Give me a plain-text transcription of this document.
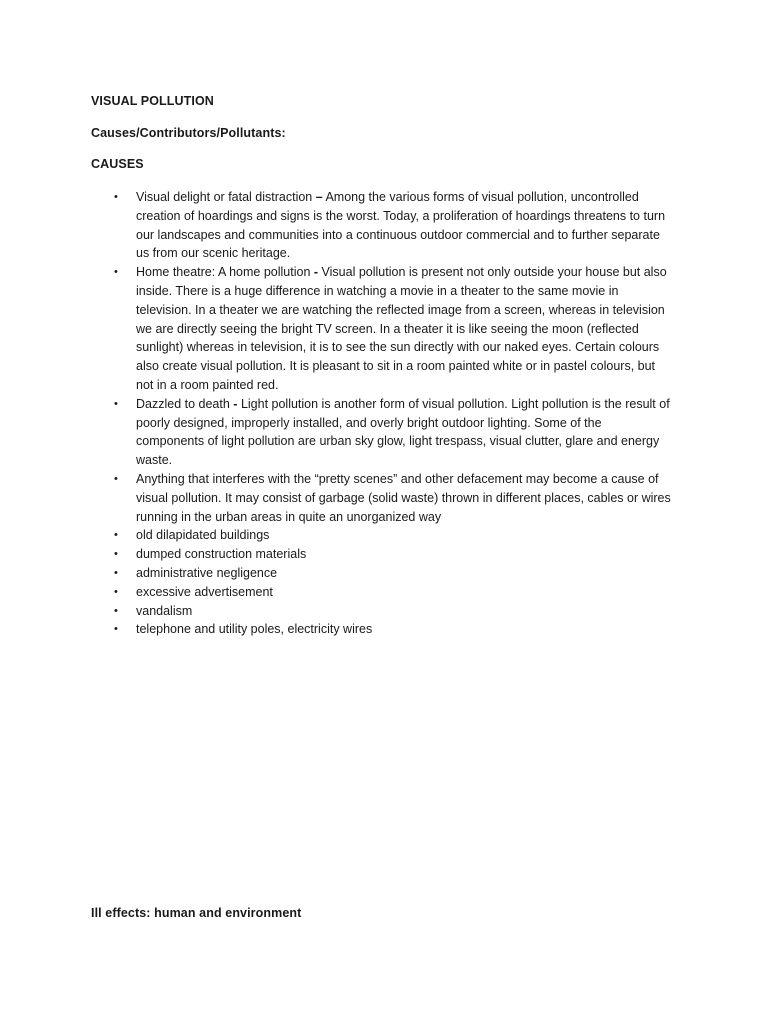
VISUAL POLLUTION

Causes/Contributors/Pollutants:

CAUSES

• Visual delight or fatal distraction – Among the various forms of visual pollution, uncontrolled creation of hoardings and signs is the worst. Today, a proliferation of hoardings threatens to turn our landscapes and communities into a continuous outdoor commercial and to further separate us from our scenic heritage.
• Home theatre: A home pollution - Visual pollution is present not only outside your house but also inside. There is a huge difference in watching a movie in a theater to the same movie in television. In a theater we are watching the reflected image from a screen, whereas in television we are directly seeing the bright TV screen. In a theater it is like seeing the moon (reflected sunlight) whereas in television, it is to see the sun directly with our naked eyes. Certain colours also create visual pollution. It is pleasant to sit in a room painted white or in pastel colours, but not in a room painted red.
• Dazzled to death - Light pollution is another form of visual pollution. Light pollution is the result of poorly designed, improperly installed, and overly bright outdoor lighting. Some of the components of light pollution are urban sky glow, light trespass, visual clutter, glare and energy waste.
• Anything that interferes with the “pretty scenes” and other defacement may become a cause of visual pollution. It may consist of garbage (solid waste) thrown in different places, cables or wires running in the urban areas in quite an unorganized way
• old dilapidated buildings
• dumped construction materials
• administrative negligence
• excessive advertisement
• vandalism
• telephone and utility poles, electricity wires

Ill effects: human and environment
